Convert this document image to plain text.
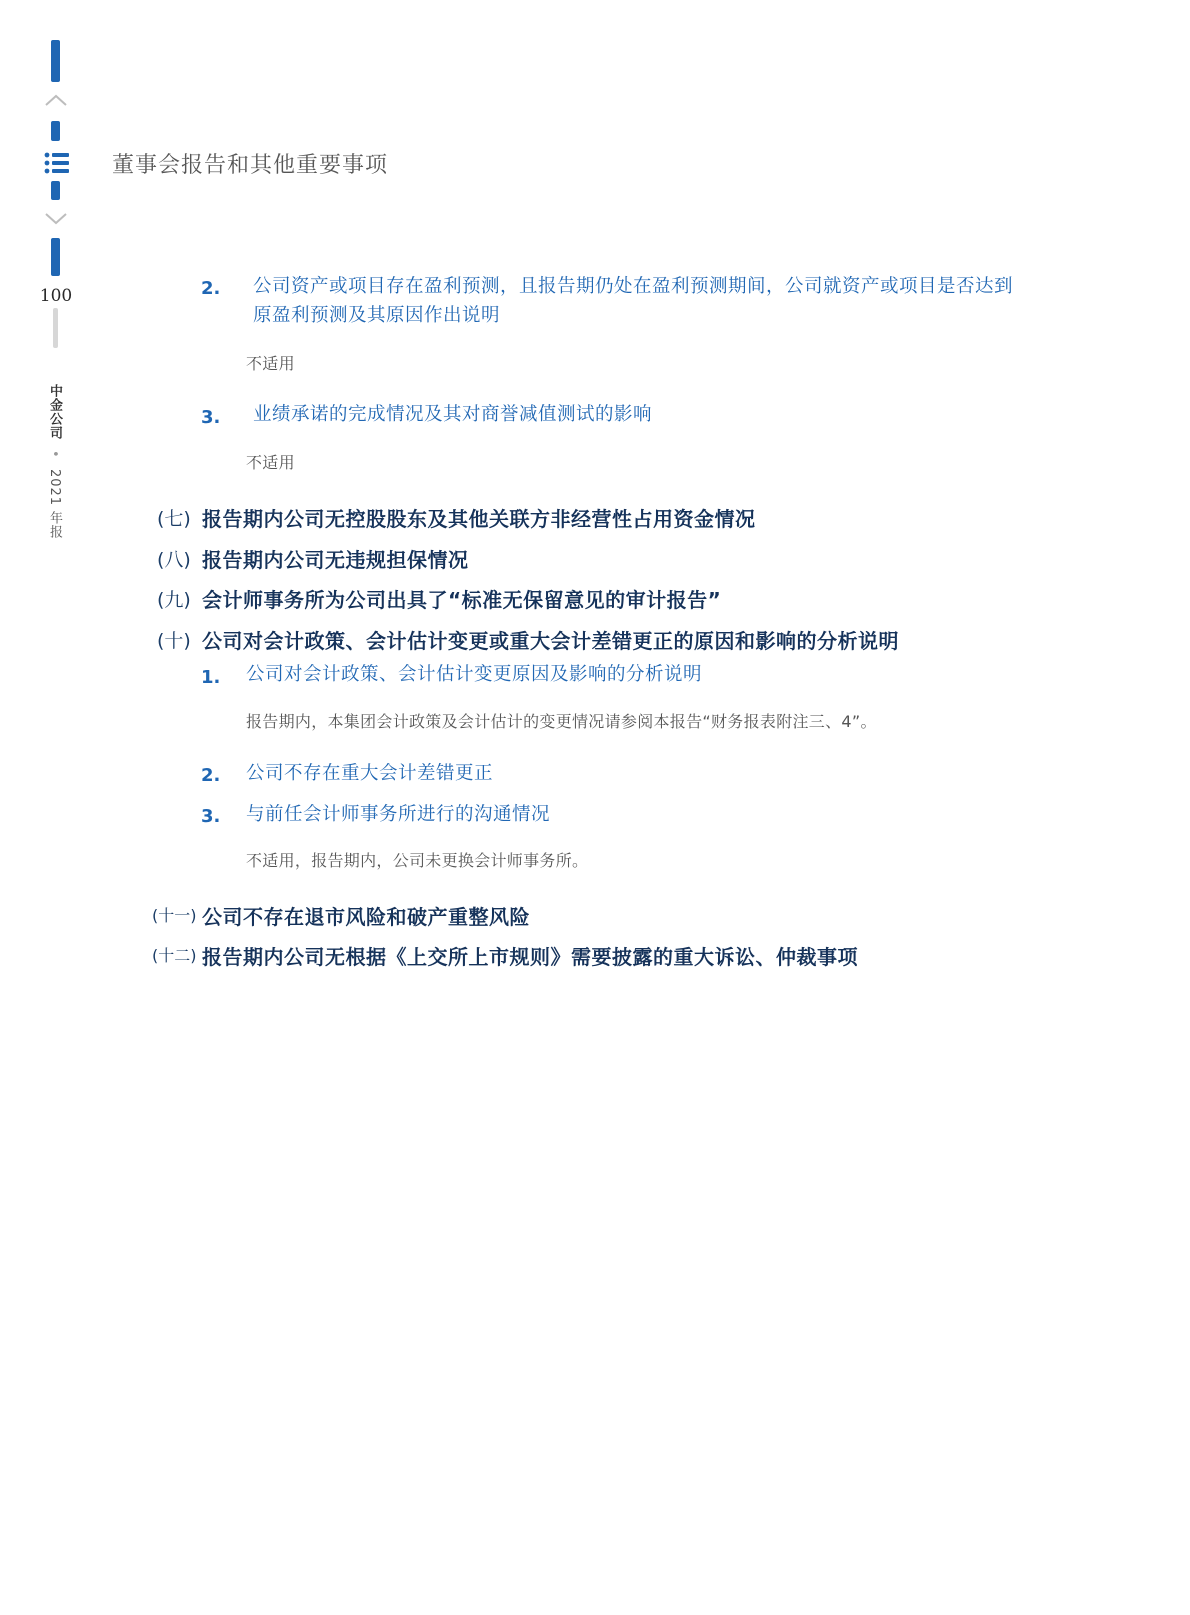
100
中金公司 • 2021 年报
董事会报告和其他重要事项
2. 公司资产或项目存在盈利预测，且报告期仍处在盈利预测期间，公司就资产或项目是否达到
原盈利预测及其原因作出说明
不适用
3. 业绩承诺的完成情况及其对商誉减值测试的影响
不适用
(七) 报告期内公司无控股股东及其他关联方非经营性占用资金情况
(八) 报告期内公司无违规担保情况
(九) 会计师事务所为公司出具了“标准无保留意见的审计报告”
(十) 公司对会计政策、会计估计变更或重大会计差错更正的原因和影响的分析说明
1. 公司对会计政策、会计估计变更原因及影响的分析说明
报告期内，本集团会计政策及会计估计的变更情况请参阅本报告“财务报表附注三、4”。
2. 公司不存在重大会计差错更正
3. 与前任会计师事务所进行的沟通情况
不适用，报告期内，公司未更换会计师事务所。
(十一) 公司不存在退市风险和破产重整风险
(十二) 报告期内公司无根据《上交所上市规则》需要披露的重大诉讼、仲裁事项
